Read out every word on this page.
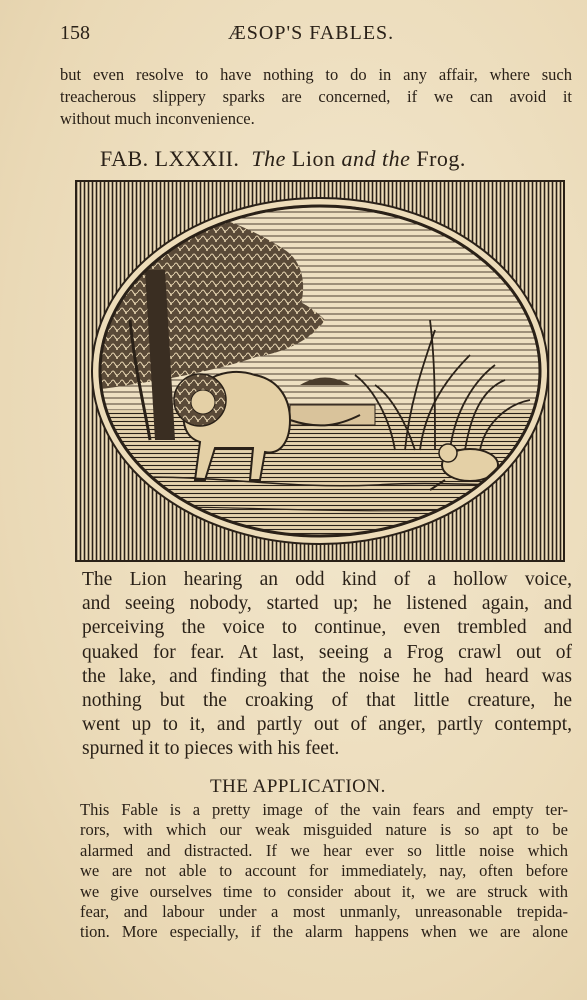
158	ÆSOP'S FABLES.
but even resolve to have nothing to do in any affair, where such
treacherous slippery sparks are concerned, if we can avoid it
without much inconvenience.
FAB. LXXXII. The Lion and the Frog.
The Lion hearing an odd kind of a hollow voice,
and seeing nobody, started up; he listened again, and
perceiving the voice to continue, even trembled and
quaked for fear. At last, seeing a Frog crawl out of
the lake, and finding that the noise he had heard was
nothing but the croaking of that little creature, he
went up to it, and partly out of anger, partly contempt,
spurned it to pieces with his feet.
THE APPLICATION.
This Fable is a pretty image of the vain fears and empty ter-
rors, with which our weak misguided nature is so apt to be
alarmed and distracted. If we hear ever so little noise which
we are not able to account for immediately, nay, often before
we give ourselves time to consider about it, we are struck with
fear, and labour under a most unmanly, unreasonable trepida-
tion. More especially, if the alarm happens when we are alone
